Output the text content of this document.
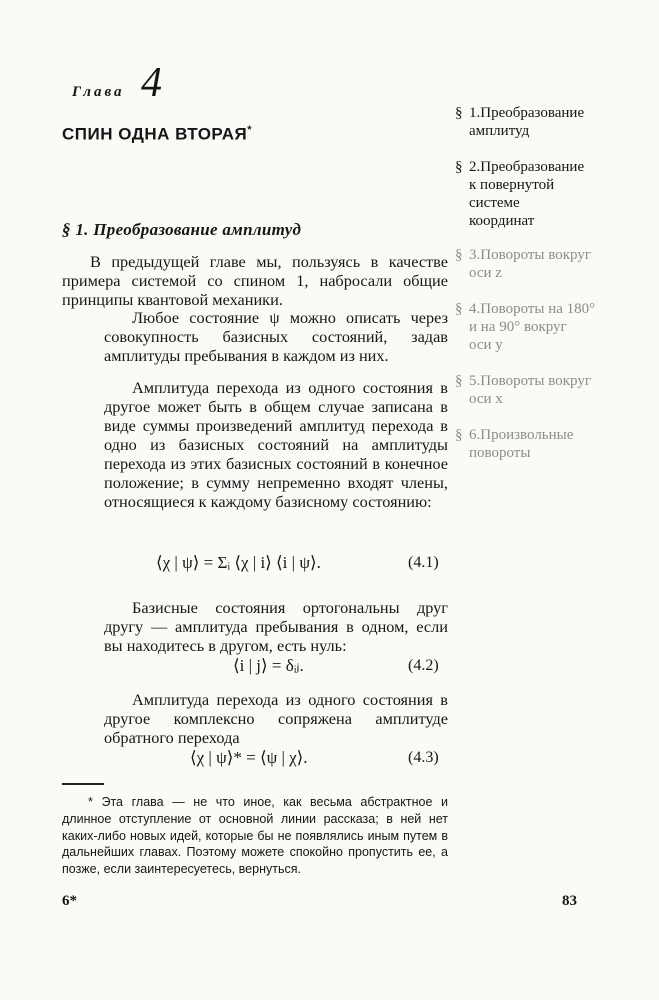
Глава 4
СПИН ОДНА ВТОРАЯ*
§ 1.Преобразование
амплитуд
§ 2.Преобразование
к повернутой
системе
координат
§ 3.Повороты вокруг
оси z
§ 4.Повороты на 180°
и на 90° вокруг
оси y
§ 5.Повороты вокруг
оси x
§ 6.Произвольные
повороты
§ 1. Преобразование амплитуд
В предыдущей главе мы, пользуясь в качестве примера системой со спином 1, набросали общие принципы квантовой механики.
Любое состояние ψ можно описать через совокупность базисных состояний, задав амплитуды пребывания в каждом из них.
Амплитуда перехода из одного состояния в другое может быть в общем случае записана в виде суммы произведений амплитуд перехода в одно из базисных состояний на амплитуды перехода из этих базисных состояний в конечное положение; в сумму непременно входят члены, относящиеся к каждому базисному состоянию:
⟨χ | ψ⟩ = Σᵢ ⟨χ | i⟩ ⟨i | ψ⟩.	(4.1)
Базисные состояния ортогональны друг другу — амплитуда пребывания в одном, если вы находитесь в другом, есть нуль:
⟨i | j⟩ = δᵢⱼ.	(4.2)
Амплитуда перехода из одного состояния в другое комплексно сопряжена амплитуде обратного перехода
⟨χ | ψ⟩* = ⟨ψ | χ⟩.	(4.3)
* Эта глава — не что иное, как весьма абстрактное и длинное отступление от основной линии рассказа; в ней нет каких-либо новых идей, которые бы не появлялись иным путем в дальнейших главах. Поэтому можете спокойно пропустить ее, а позже, если заинтересуетесь, вернуться.
6*	83
